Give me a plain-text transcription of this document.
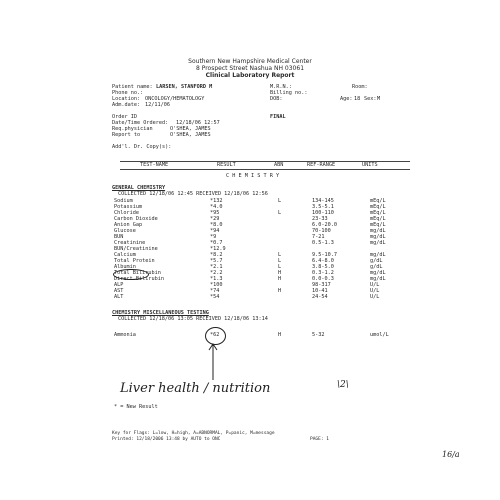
Southern New Hampshire Medical Center
8 Prospect Street Nashua NH 03061
Clinical Laboratory Report
Patient name: LARSEN, STANFORD M	M.R.N.:	Room:
Phone no.:	Billing no.:
Location: ONCOLOGY/HEMATOLOGY	DOB:	Age: 18 Sex: M
Adm.date: 12/11/06
Order ID	FINAL
Date/Time Ordered: 12/18/06 12:57
Req.physician	O'SHEA, JAMES
Report to	O'SHEA, JAMES
Add'l. Dr. Copy(s):
TEST-NAME	RESULT	ABN	REF-RANGE	UNITS
C H E M I S T R Y
GENERAL CHEMISTRY
COLLECTED 12/18/06 12:45 RECEIVED 12/18/06 12:56
Sodium	*132	L	134-145	mEq/L
Potassium	*4.0	3.5-5.1	mEq/L
Chloride	*95	L	100-110	mEq/L
Carbon Dioxide	*29	23-33	mEq/L
Anion Gap	*8.0	6.0-20.0	mEq/L
Glucose	*94	70-100	mg/dL
BUN	*9	7-21	mg/dL
Creatinine	*0.7	0.5-1.3	mg/dL
BUN/Creatinine	*12.9
Calcium	*8.2	L	9.5-10.7	mg/dL
Total Protein	*5.7	L	6.4-8.0	g/dL
Albumin	*2.1	L	3.8-5.0	g/dL
Total Bilirubin	*2.2	H	0.3-1.2	mg/dL
Direct Bilirubin	*1.3	H	0.0-0.3	mg/dL
ALP	*100	98-317	U/L
AST	*74	H	10-41	U/L
ALT	*54	24-54	U/L
CHEMISTRY MISCELLANEOUS TESTING
COLLECTED 12/18/06 13:05 RECEIVED 12/18/06 13:14
Ammonia	*62	H	5-32	umol/L
Liver health / nutrition	\2\
16/a
* = New Result
Key for Flags: L=low, H=high, A=ABNORMAL, P=panic, M=message
Printed: 12/18/2006 13:48 by AUTO to ONC	PAGE: 1
